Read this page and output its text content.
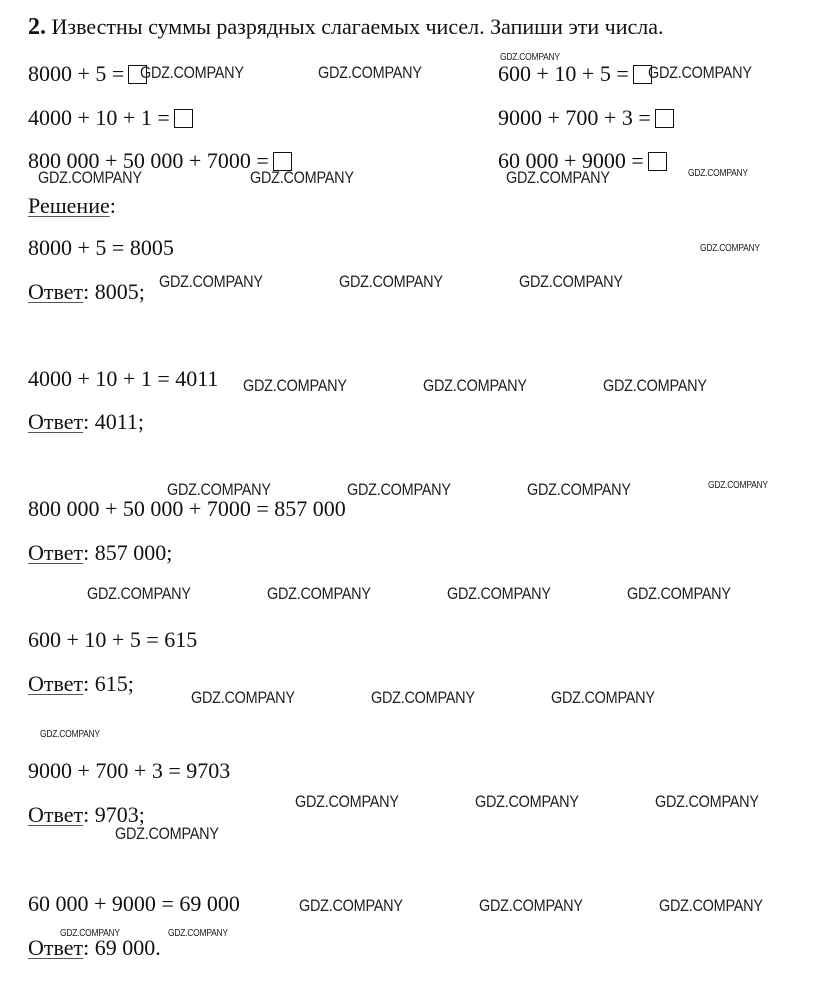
2. Известны суммы разрядных слагаемых чисел. Запиши эти числа.
8000 + 5 =
4000 + 10 + 1 =
800 000 + 50 000 + 7000 =
600 + 10 + 5 =
9000 + 700 + 3 =
60 000 + 9000 =
Решение:
8000 + 5 = 8005
Ответ: 8005;
4000 + 10 + 1 = 4011
Ответ: 4011;
800 000 + 50 000 + 7000 = 857 000
Ответ: 857 000;
600 + 10 + 5 = 615
Ответ: 615;
9000 + 700 + 3 = 9703
Ответ: 9703;
60 000 + 9000 = 69 000
Ответ: 69 000.
GDZ.COMPANY	GDZ.COMPANY	GDZ.COMPANY
GDZ.COMPANY
GDZ.COMPANY	GDZ.COMPANY	GDZ.COMPANY	GDZ.COMPANY
GDZ.COMPANY
GDZ.COMPANY	GDZ.COMPANY	GDZ.COMPANY
GDZ.COMPANY	GDZ.COMPANY	GDZ.COMPANY
GDZ.COMPANY	GDZ.COMPANY	GDZ.COMPANY	GDZ.COMPANY
GDZ.COMPANY	GDZ.COMPANY	GDZ.COMPANY	GDZ.COMPANY
GDZ.COMPANY	GDZ.COMPANY	GDZ.COMPANY
GDZ.COMPANY
GDZ.COMPANY	GDZ.COMPANY	GDZ.COMPANY
GDZ.COMPANY
GDZ.COMPANY	GDZ.COMPANY	GDZ.COMPANY
GDZ.COMPANY	GDZ.COMPANY
